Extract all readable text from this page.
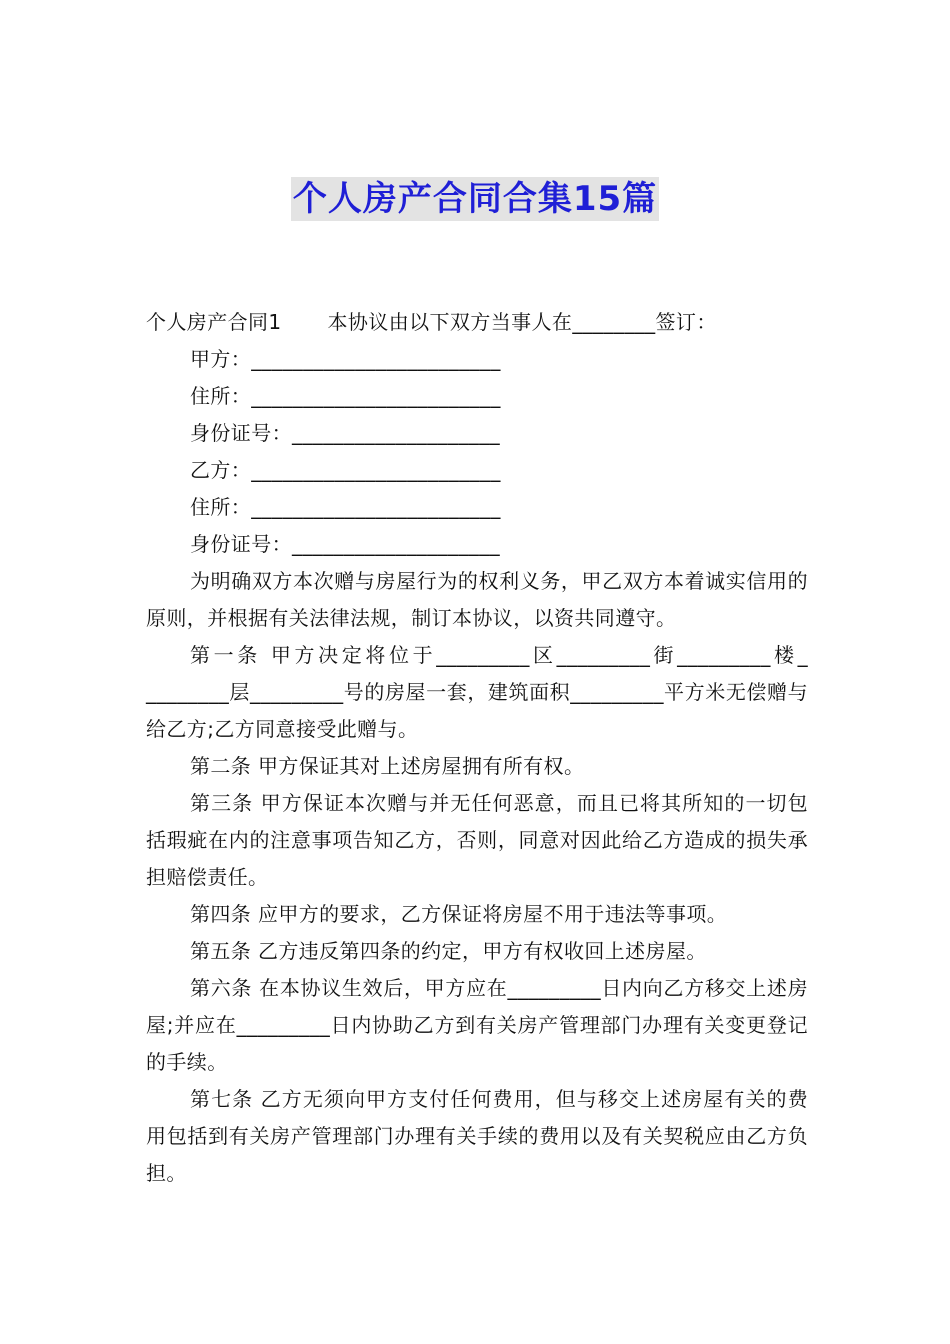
个人房产合同合集15篇

个人房产合同1 本协议由以下双方当事人在________签订：

甲方：________________________

住所：________________________

身份证号：____________________

乙方：________________________

住所：________________________

身份证号：____________________

为明确双方本次赠与房屋行为的权利义务，甲乙双方本着诚实信用的原则，并根据有关法律法规，制订本协议，以资共同遵守。

第一条 甲方决定将位于_________区_________街_________楼_ ________层_________号的房屋一套，建筑面积_________平方米无偿赠与给乙方;乙方同意接受此赠与。

第二条 甲方保证其对上述房屋拥有所有权。

第三条 甲方保证本次赠与并无任何恶意，而且已将其所知的一切包括瑕疵在内的注意事项告知乙方，否则，同意对因此给乙方造成的损失承担赔偿责任。

第四条 应甲方的要求，乙方保证将房屋不用于违法等事项。

第五条 乙方违反第四条的约定，甲方有权收回上述房屋。

第六条 在本协议生效后，甲方应在_________日内向乙方移交上述房屋;并应在_________日内协助乙方到有关房产管理部门办理有关变更登记的手续。

第七条 乙方无须向甲方支付任何费用，但与移交上述房屋有关的费用包括到有关房产管理部门办理有关手续的费用以及有关契税应由乙方负担。
